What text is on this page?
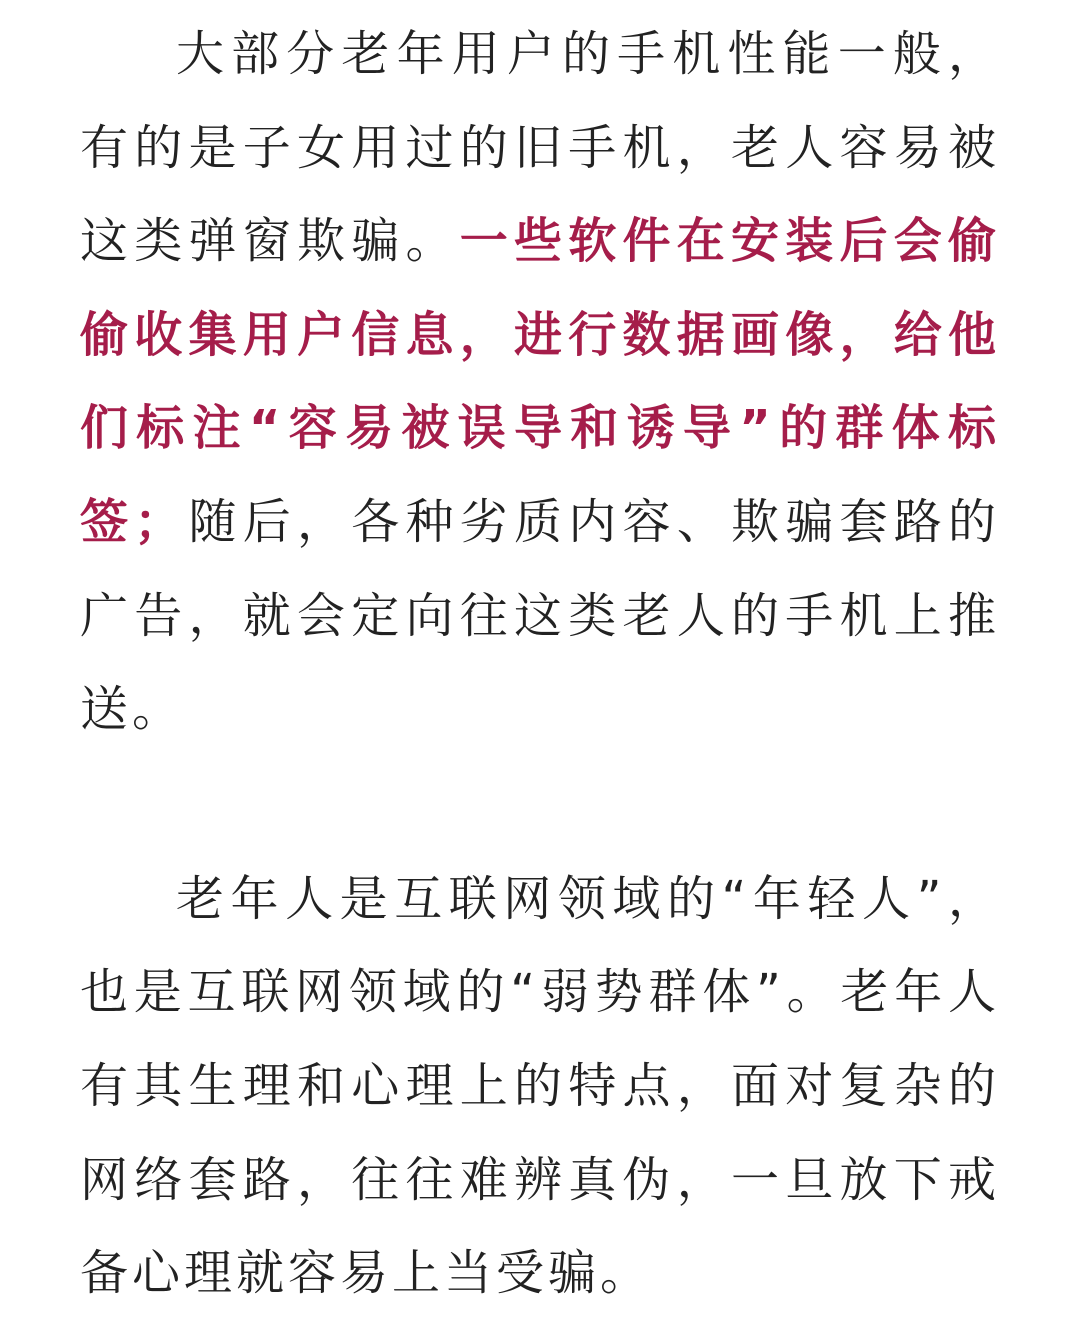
大部分老年用户的手机性能一般，
有的是子女用过的旧手机，老人容易被
这类弹窗欺骗。一些软件在安装后会偷
偷收集用户信息，进行数据画像，给他
们标注“容易被误导和诱导”的群体标
签；随后，各种劣质内容、欺骗套路的
广告，就会定向往这类老人的手机上推
送。
老年人是互联网领域的“年轻人”，
也是互联网领域的“弱势群体”。老年人
有其生理和心理上的特点，面对复杂的
网络套路，往往难辨真伪，一旦放下戒
备心理就容易上当受骗。
